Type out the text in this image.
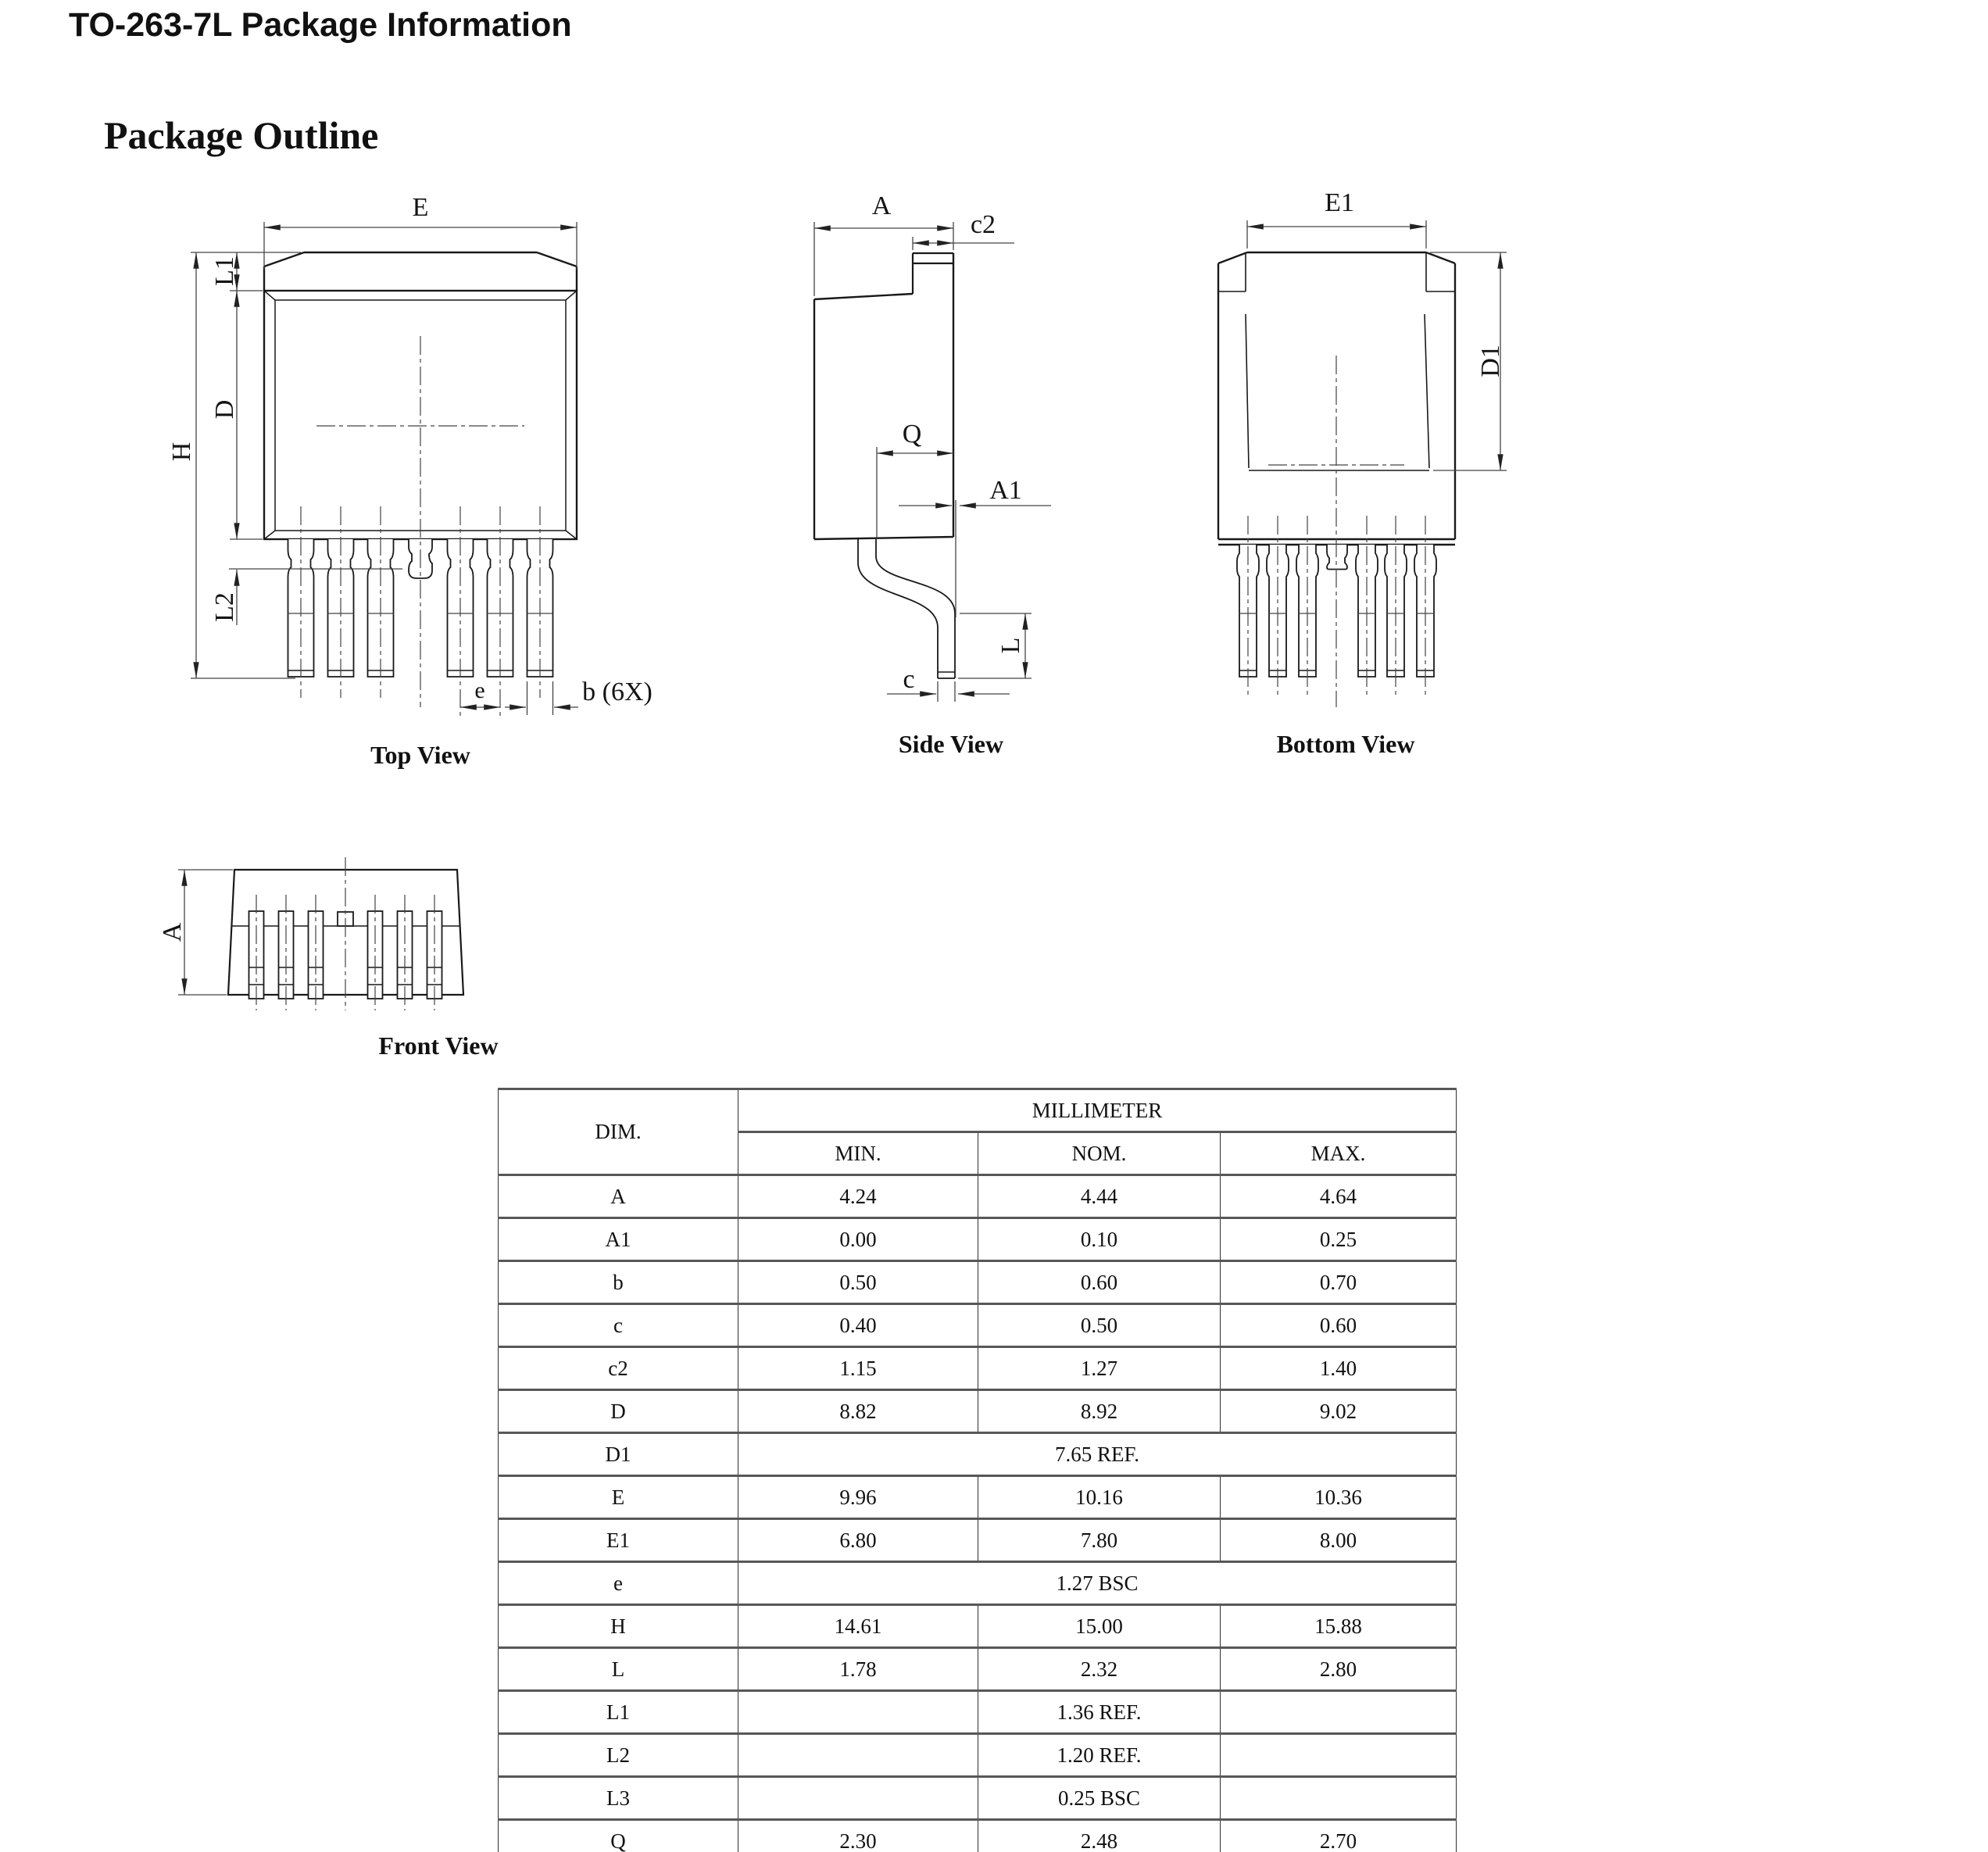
TO-263-7L Package Information
Package Outline
E
L1
D
H
L2
e	b (6X)
A
c2
Q
A1
L
c
E1
D1
A
Top View	Side View	Bottom View
Front View
DIM.	MILLIMETER		
	MIN.	NOM.	MAX.
A	4.24	4.44	4.64
A1	0.00	0.10	0.25
b	0.50	0.60	0.70
c	0.40	0.50	0.60
c2	1.15	1.27	1.40
D	8.82	8.92	9.02
D1	7.65 REF.		
E	9.96	10.16	10.36
E1	6.80	7.80	8.00
e	1.27 BSC		
H	14.61	15.00	15.88
L	1.78	2.32	2.80
L1		1.36 REF.	
L2		1.20 REF.	
L3		0.25 BSC	
Q	2.30	2.48	2.70
